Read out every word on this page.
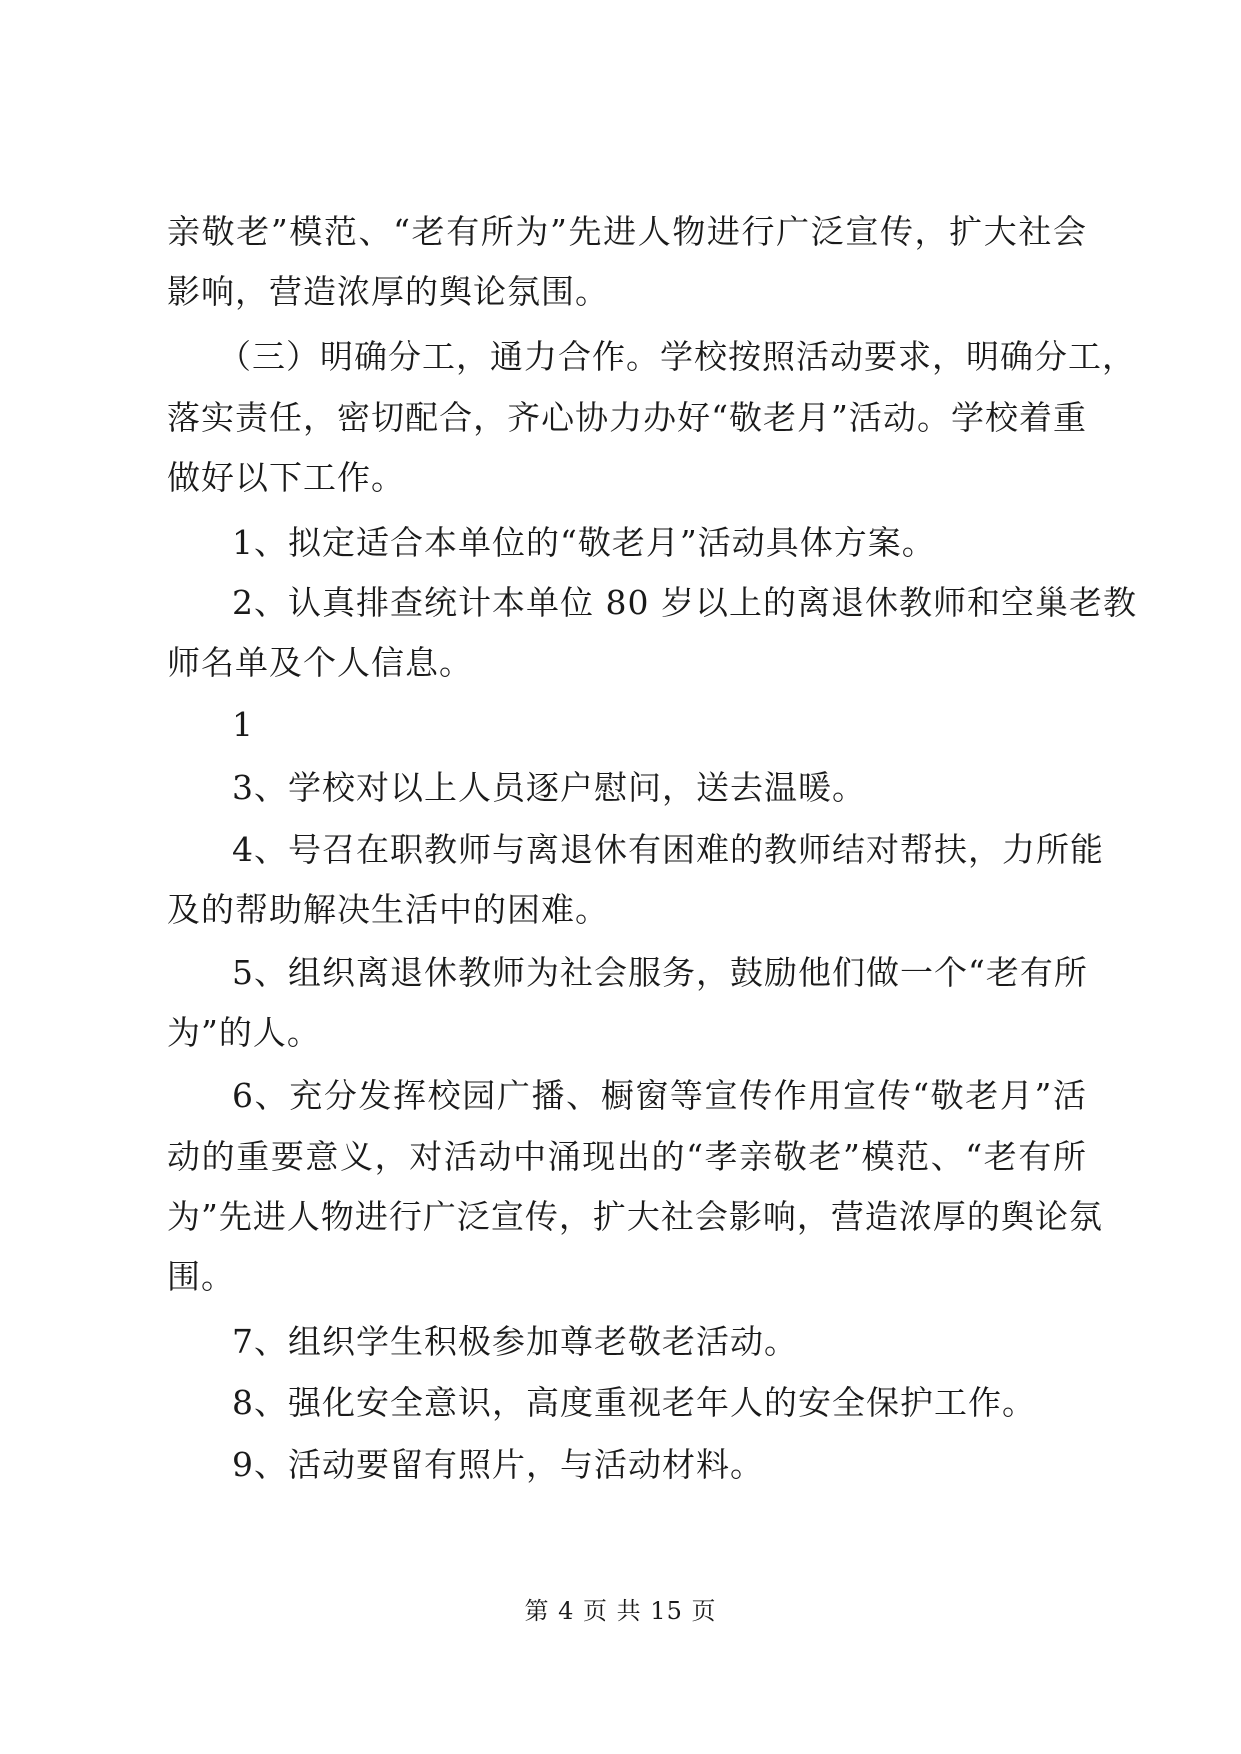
亲敬老”模范、“老有所为”先进人物进行广泛宣传，扩大社会
影响，营造浓厚的舆论氛围。
（三）明确分工，通力合作。学校按照活动要求，明确分工，
落实责任，密切配合，齐心协力办好“敬老月”活动。学校着重
做好以下工作。
1、拟定适合本单位的“敬老月”活动具体方案。
2、认真排查统计本单位 80 岁以上的离退休教师和空巢老教
师名单及个人信息。
1
3、学校对以上人员逐户慰问，送去温暖。
4、号召在职教师与离退休有困难的教师结对帮扶，力所能
及的帮助解决生活中的困难。
5、组织离退休教师为社会服务，鼓励他们做一个“老有所
为”的人。
6、充分发挥校园广播、橱窗等宣传作用宣传“敬老月”活
动的重要意义，对活动中涌现出的“孝亲敬老”模范、“老有所
为”先进人物进行广泛宣传，扩大社会影响，营造浓厚的舆论氛
围。
7、组织学生积极参加尊老敬老活动。
8、强化安全意识，高度重视老年人的安全保护工作。
9、活动要留有照片，与活动材料。
第 4 页 共 15 页
